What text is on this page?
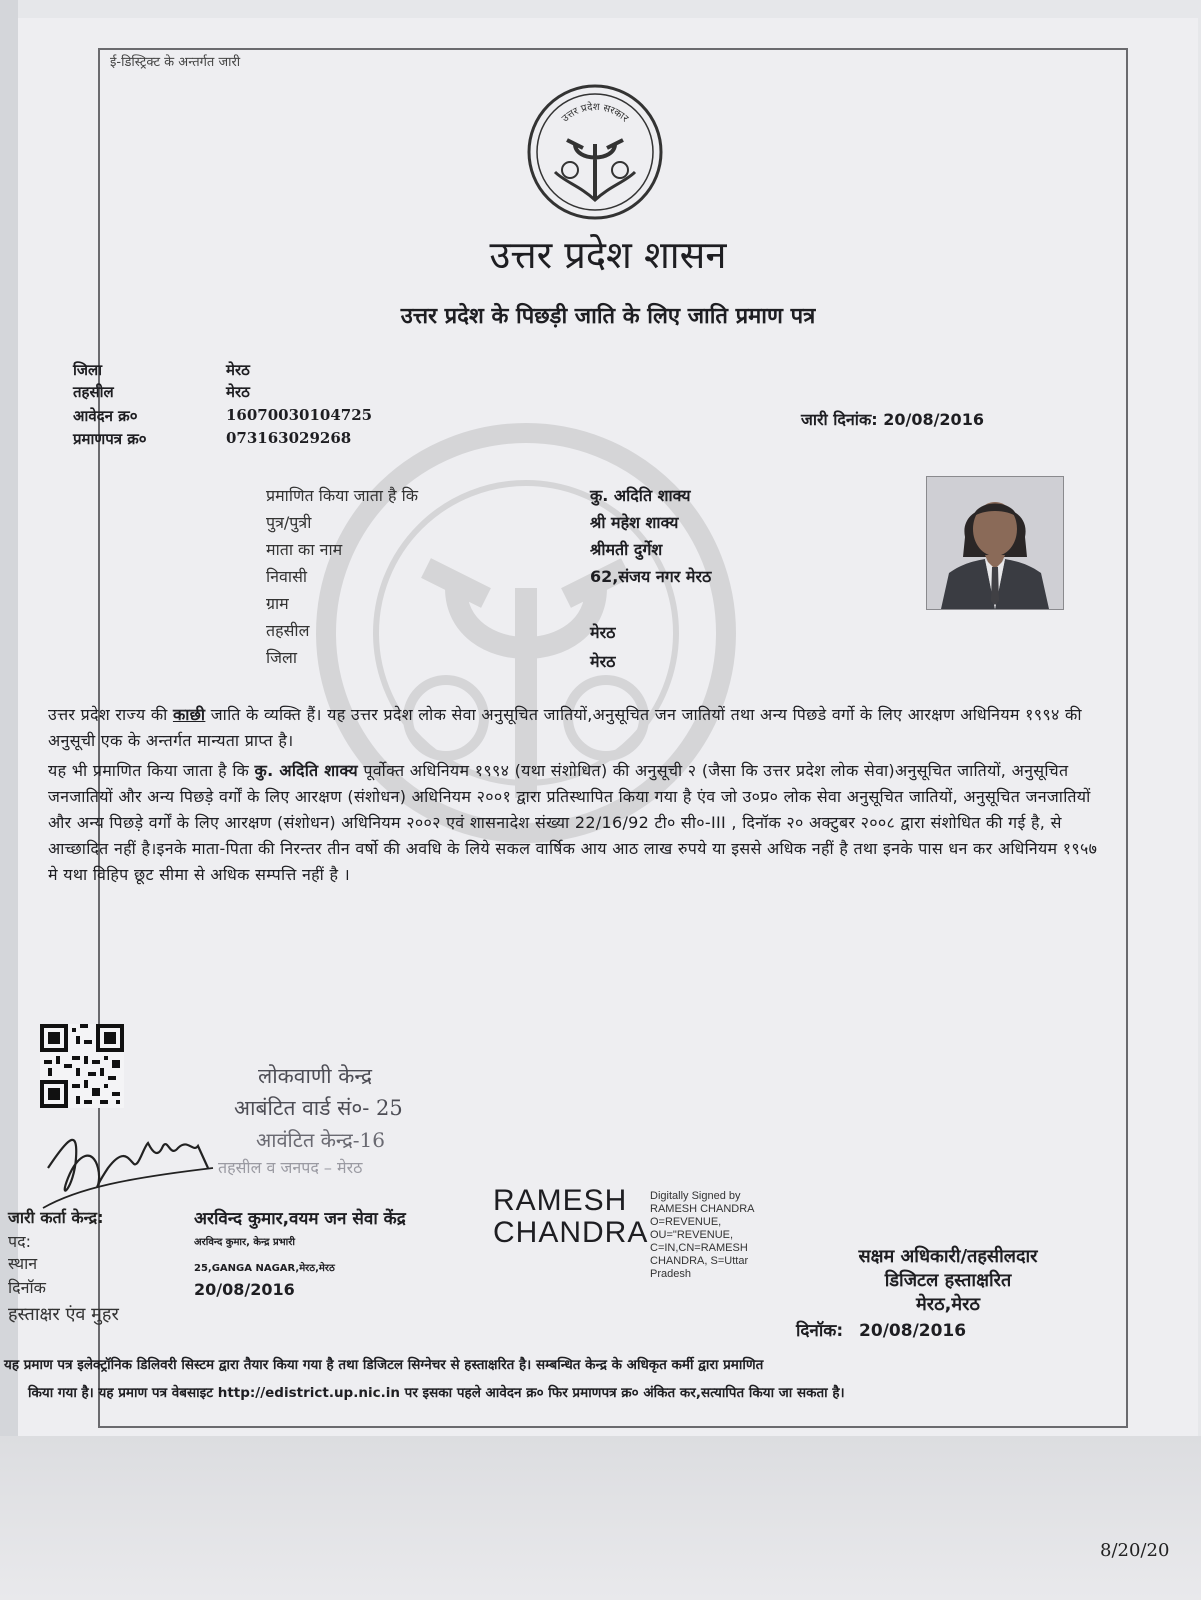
ई-डिस्ट्रिक्ट के अन्तर्गत जारी
उत्तर प्रदेश सरकार
उत्तर प्रदेश शासन
उत्तर प्रदेश के पिछड़ी जाति के लिए जाति प्रमाण पत्र
जिला	मेरठ
तहसील	मेरठ
आवेदन क्र०	16070030104725
प्रमाणपत्र क्र०	073163029268
जारी दिनांक: 20/08/2016
प्रमाणित किया जाता है कि	कु. अदिति शाक्य
पुत्र/पुत्री	श्री महेश शाक्य
माता का नाम	श्रीमती दुर्गेश
निवासी	62,संजय नगर मेरठ
ग्राम
तहसील	मेरठ
जिला	मेरठ
उत्तर प्रदेश राज्य की काछी जाति के व्यक्ति हैं। यह उत्तर प्रदेश लोक सेवा अनुसूचित जातियों,अनुसूचित जन जातियों तथा अन्य पिछडे वर्गो के लिए आरक्षण अधिनियम १९९४ की अनुसूची एक के अन्तर्गत मान्यता प्राप्त है।
यह भी प्रमाणित किया जाता है कि कु. अदिति शाक्य पूर्वोक्त अधिनियम १९९४ (यथा संशोधित) की अनुसूची २ (जैसा कि उत्तर प्रदेश लोक सेवा)अनुसूचित जातियों, अनुसूचित जनजातियों और अन्य पिछड़े वर्गों के लिए आरक्षण (संशोधन) अधिनियम २००१ द्वारा प्रतिस्थापित किया गया है एंव जो उ०प्र० लोक सेवा अनुसूचित जातियों, अनुसूचित जनजातियों और अन्य पिछड़े वर्गों के लिए आरक्षण (संशोधन) अधिनियम २००२ एवं शासनादेश संख्या 22/16/92 टी० सी०-III , दिनॉक २० अक्टुबर २००८ द्वारा संशोधित की गई है, से आच्छादित नहीं है।इनके माता-पिता की निरन्तर तीन वर्षो की अवधि के लिये सकल वार्षिक आय आठ लाख रुपये या इससे अधिक नहीं है तथा इनके पास धन कर अधिनियम १९५७ मे यथा विहिप छूट सीमा से अधिक सम्पत्ति नहीं है ।
लोकवाणी केन्द्र
आबंटित वार्ड सं०- 25
आवंटित केन्द्र-16
तहसील व जनपद – मेरठ
जारी कर्ता केन्द्र:	अरविन्द कुमार,वयम जन सेवा केंद्र
पद:	अरविन्द कुमार, केन्द्र प्रभारी
स्थान	25,GANGA NAGAR,मेरठ,मेरठ
दिनॉक	20/08/2016
हस्ताक्षर एंव मुहर
RAMESH
CHANDRA
Digitally Signed by
RAMESH CHANDRA
O=REVENUE,
OU="REVENUE,
C=IN,CN=RAMESH
CHANDRA, S=Uttar
Pradesh
सक्षम अधिकारी/तहसीलदार
डिजिटल हस्ताक्षरित
मेरठ,मेरठ
दिनॉक: 20/08/2016
यह प्रमाण पत्र इलेक्ट्रॉनिक डिलिवरी सिस्टम द्वारा तैयार किया गया है तथा डिजिटल सिग्नेचर से हस्ताक्षरित है। सम्बन्धित केन्द्र के अधिकृत कर्मी द्वारा प्रमाणित
किया गया है। यह प्रमाण पत्र वेबसाइट http://edistrict.up.nic.in पर इसका पहले आवेदन क्र० फिर प्रमाणपत्र क्र० अंकित कर,सत्यापित किया जा सकता है।
8/20/20
